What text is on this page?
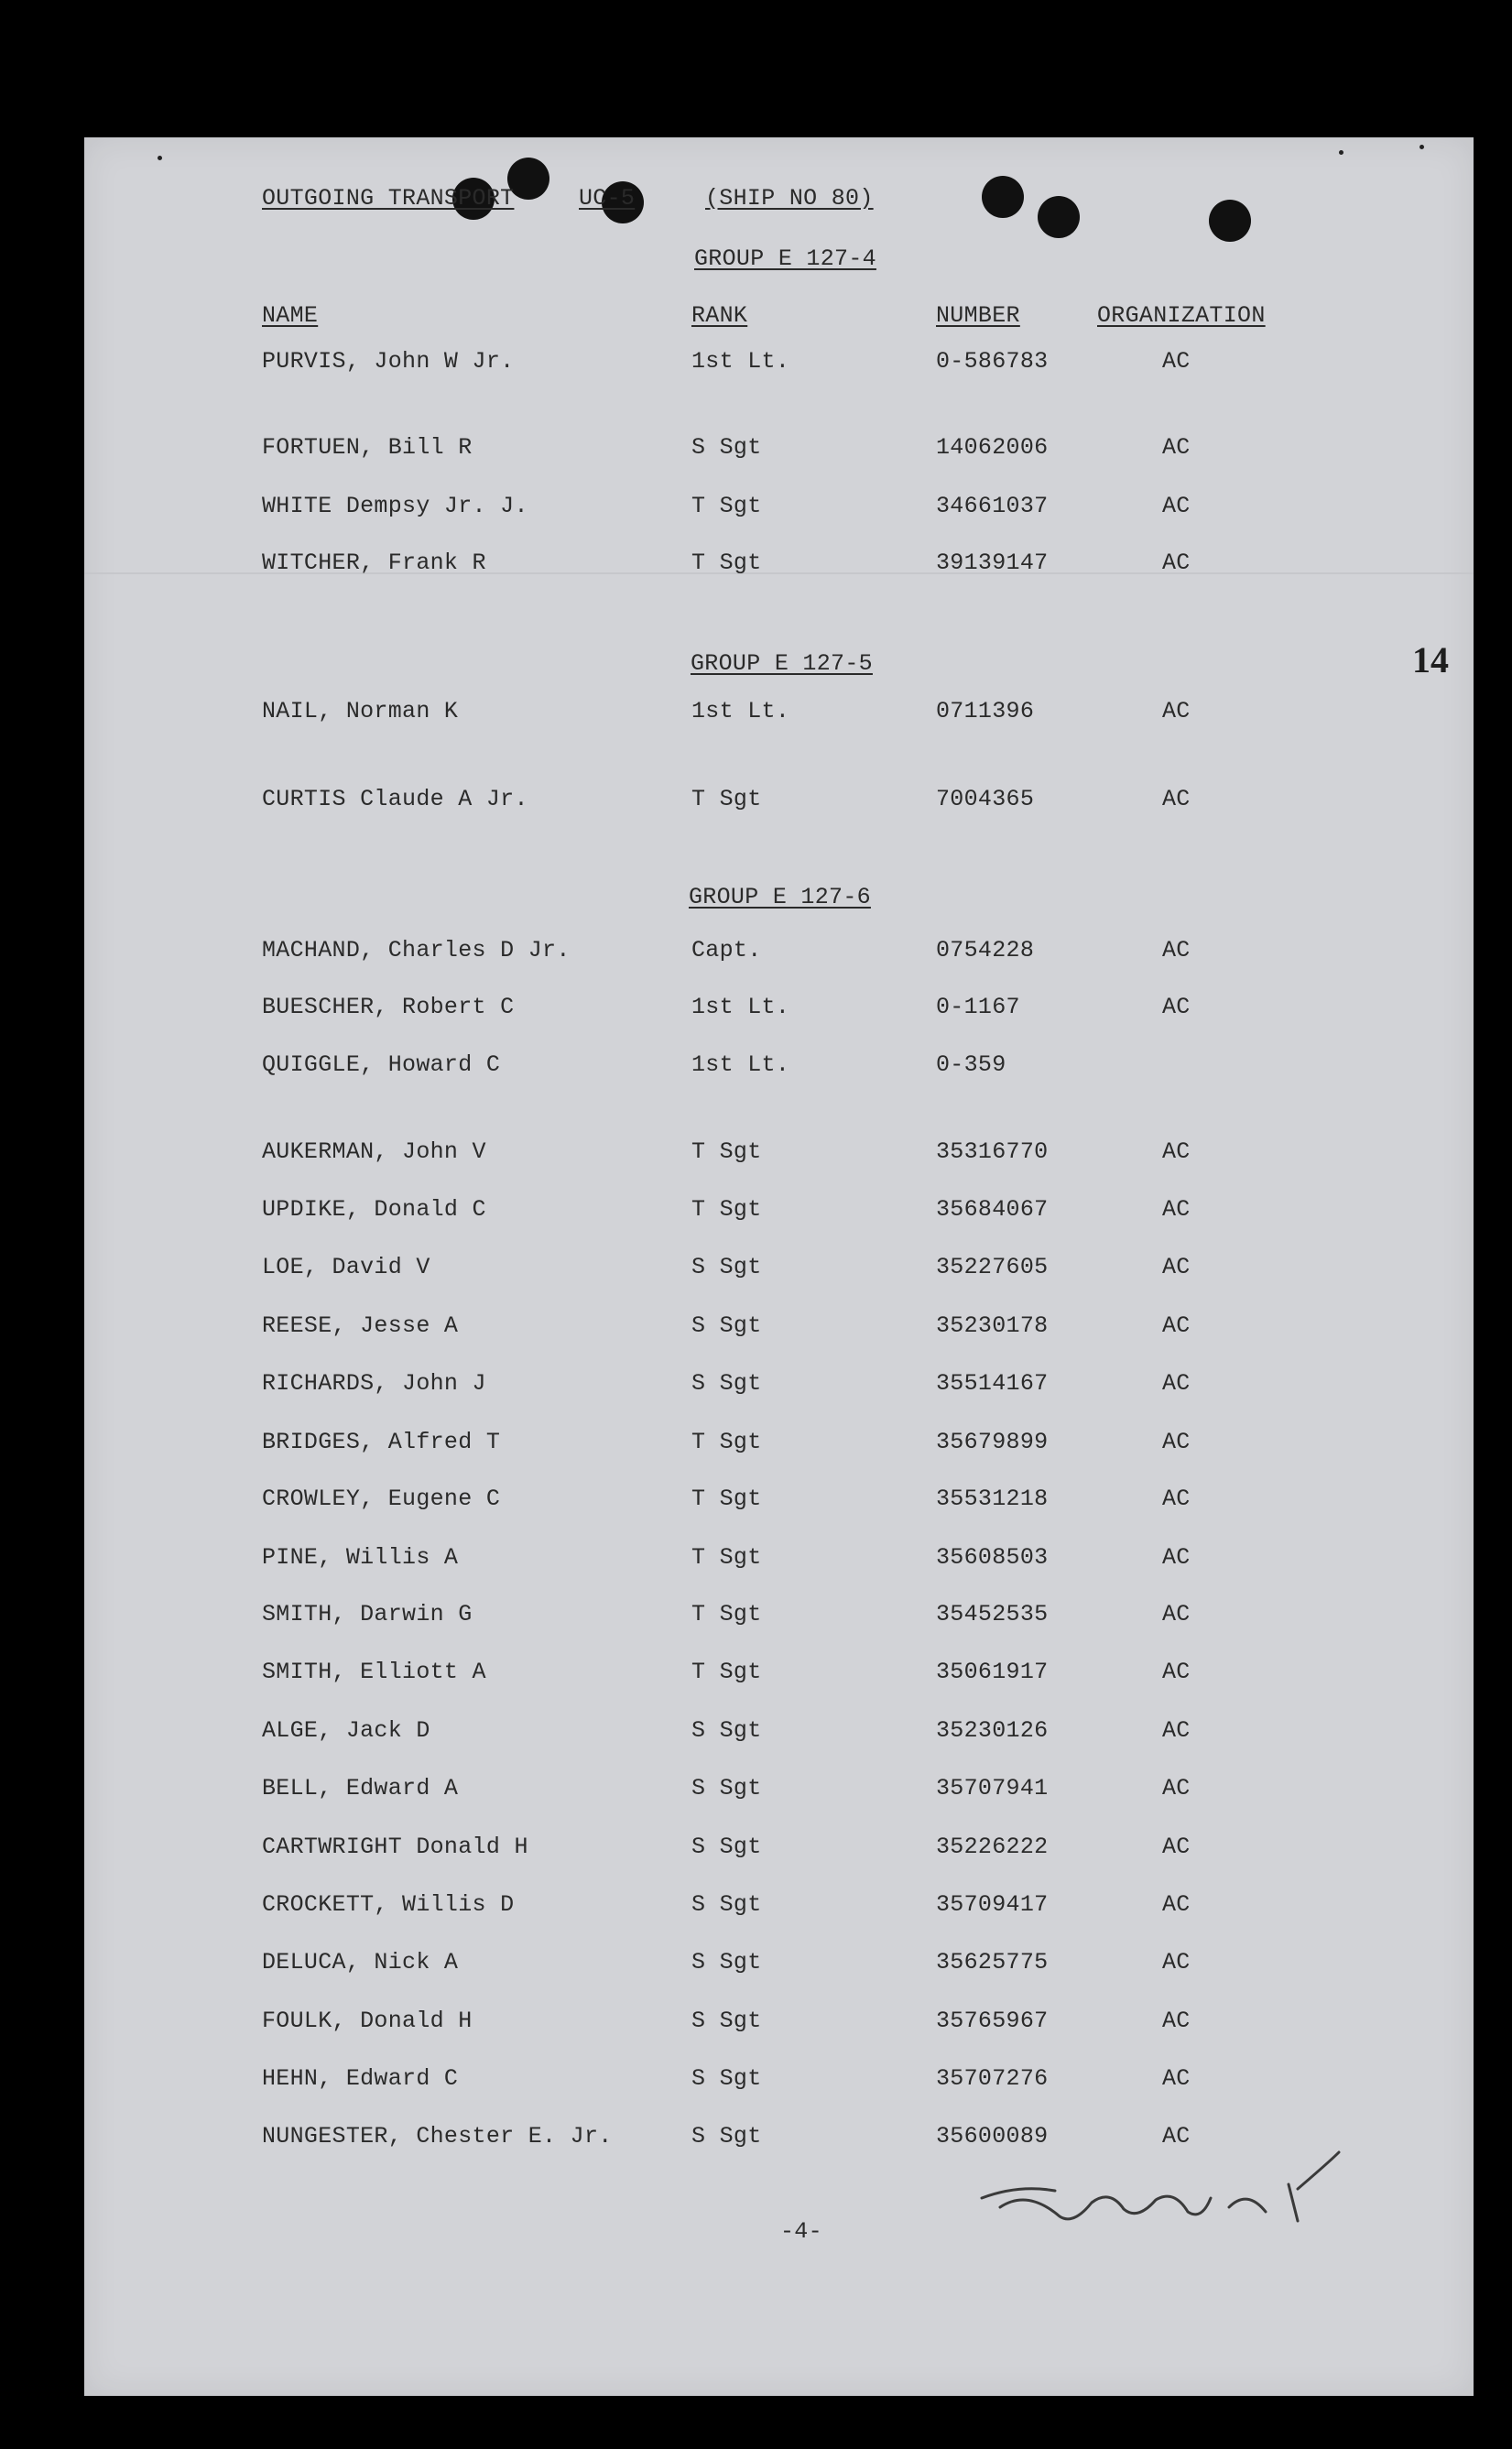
OUTGOING TRANSPORT	UC-5	(SHIP NO 80)
14
NAME	RANK	NUMBER	ORGANIZATION
GROUP E 127-4
GROUP E 127-5
GROUP E 127-6
PURVIS, John W Jr.	1st Lt.	0-586783	AC
FORTUEN, Bill R	S Sgt	14062006	AC
WHITE Dempsy Jr. J.	T Sgt	34661037	AC
WITCHER, Frank R	T Sgt	39139147	AC
NAIL, Norman K	1st Lt.	0711396	AC
CURTIS Claude A Jr.	T Sgt	7004365	AC
MACHAND, Charles D Jr.	Capt.	0754228	AC
BUESCHER, Robert C	1st Lt.	0-1167	AC
QUIGGLE, Howard C	1st Lt.	0-359
AUKERMAN, John V	T Sgt	35316770	AC
UPDIKE, Donald C	T Sgt	35684067	AC
LOE, David V	S Sgt	35227605	AC
REESE, Jesse A	S Sgt	35230178	AC
RICHARDS, John J	S Sgt	35514167	AC
BRIDGES, Alfred T	T Sgt	35679899	AC
CROWLEY, Eugene C	T Sgt	35531218	AC
PINE, Willis A	T Sgt	35608503	AC
SMITH, Darwin G	T Sgt	35452535	AC
SMITH, Elliott A	T Sgt	35061917	AC
ALGE, Jack D	S Sgt	35230126	AC
BELL, Edward A	S Sgt	35707941	AC
CARTWRIGHT Donald H	S Sgt	35226222	AC
CROCKETT, Willis D	S Sgt	35709417	AC
DELUCA, Nick A	S Sgt	35625775	AC
FOULK, Donald H	S Sgt	35765967	AC
HEHN, Edward C	S Sgt	35707276	AC
NUNGESTER, Chester E. Jr.	S Sgt	35600089	AC
-4-
